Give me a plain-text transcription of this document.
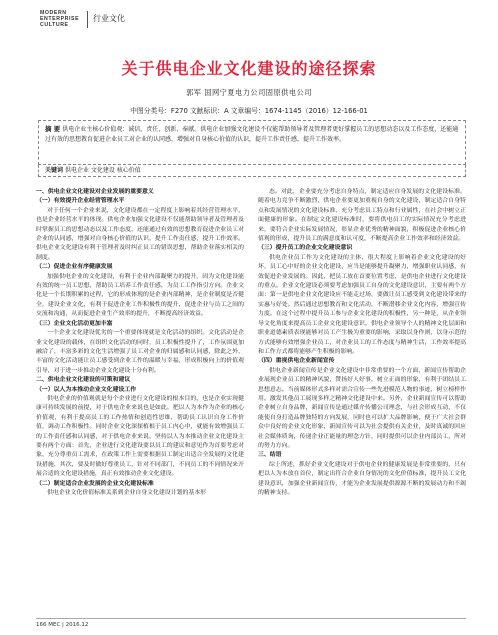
MODERN
ENTERPRISE
CULTURE
行业文化
关于供电企业文化建设的途径探索
郭军 国网宁夏电力公司固原供电公司
中图分类号：F270 文献标识：A 文章编号：1674-1145（2016）12-166-01
摘 要 供电企业主核心价值观：诚信、责任、创新、奉献。供电企业加强文化建设不仅能帮助领导者及管理者更好掌握员工的思想动态以及工作态度，还能通过有效的思想教育促进企业员工对企业的认同感，增强对自身核心价值的认识，提升工作责任感，提升工作效率。
关键词 供电企业 文化建设 核心价值
一、供电企业文化建设对企业发展的重要意义
（一）有效提升企业经营管理水平
对于任何一个企业来说，文化建设都在一定程度上影响着其经营管理水平，也是企业经营水平的体现。供电企业加强文化建设不仅能帮助领导者及管理者及时掌握员工的思想动态以及工作态度，还能通过有效的思想教育促进企业员工对企业的认同感，增强对自身核心价值的认识，提升工作责任感，提升工作效率。供电企业文化建设有利于管理者及时纠正员工的错误思想，帮助企业落实相关的制度。
（二）促进企业有序健康发展
加强供电企业的文化建设，有利于企业内部凝聚力的提升，因为文化建设能有效的统一员工思想，帮助员工培养工作责任感，为员工工作指引方向。企业文化是一个长期积累的过程，它的形成体现的是企业内部精神，是企业制度是否健全，建设企业文化，有利于促进企业工作积极性的提升，促进企业与员工之间的交流和沟通，从而促进企业生产效率的提升，不断提高经济效益。
（三）企业文化活动更加丰富
一个企业文化建设优劣的一个重要体现就是文化活动的组织。文化活动是企业文化建设的载体，在组织文化活动的同时，员工积极性提升了，工作氛围更加融洽了，丰富多彩的文化生活增强了员工对企业的归属感和认同感，除此之外，丰富的文化活动能让员工感受到企业工作的温暖与幸福，形成积极向上的价值观引导，对于进一步推动企业文化建设十分有利。
二、供电企业文化建设的可策和建议
（一）以人为本推动企业文化建设工作
供电企业的价值观就是每个企业进行文化建设的根本目的，也是企业实现健康可持续发展的前提，对于供电企业来说也是如此。把以人为本作为企业的核心价值观，有利于提高员工的工作热情和创造性思维，帮助员工认识自身工作价值，调动工作积极性。同时企业文化深探植根于员工内心中，就能有效增强员工的工作责任感和认同感，对于供电企业来说，坚持以人为本推动企业文化建设主要有两个方面：首先，企业进行文化建设要以员工的建议和意见作为首要考虑对象，充分尊重员工需求，在政策工作上需要根据员工制定出适合全发展的文化建设措施，其次，要及时做好尊重员工，针对不同部门，不同员工的不同情况来开展合适的文化建设措施，真正有效推动企业文化建设。
（二）制定适合企业发展的企业文化建设标准
供电企业文化价值标准关系到企业自身文化建设计划的基本形
态。对此，企业要充分考虑自身特点，制定适应自身发展的文化建设标准。随着电力竞争不断激烈，供电企业要更加重视自身的文化建设，制定适合自身特点和发展情况的文化建设标准，充分考虑员工特点和行业属性，在社会中树立正面健康的形象。在制定文化建设标准时，要将供电员工的实际情况充分考虑进来，要符合企业实际发展情况，彰显企业优秀的精神面貌，积极促进企业核心价值观的形成，提升员工的满意度和认可度，不断提高企业工作效率和经济效益。
（三）提升员工的企业文化建设意识
供电企业员工作为文化建设的主体，很大程度上影响着企业文化建设的好坏，员工心中好的企业文化建设，应当是能够提升凝聚力，增强职业认同感，有效促进企业发展的。因此，把员工放在首要位置考虑，是供电企业进行文化建设的重点。企业文化建设必须要考虑加强员工自身的文化建设意识，主要有两个方面：第一是供电企业文化建设应不能走过场，要做让员工感受到文化建设带来的实惠与好处。然后通过思想教育和文化活动，不断潜移企业文化内容，增强宣传力度。在这个过程中提升员工参与企业文化建设的积极性，另一种是，从企业领导文化角度来提高员工企业文化建设意识，供电企业领导个人的精神文化层面和职业道德素质表现能够对员工产生极为重要的影响，采取以身作则，以身示范的方式能够有效增强企业员工，对企业员工的工作态度与精神生活，工作效率提高和工作方式都将能够产生积极的影响。
（四）重视供电企业新闻宣传
供电企业新闻宣传是企业文化建设中非常重要的一个方面，新闻宣传帮助企业展现企业员工的精神风貌，赞扬好人好事，树立正面的形象，有利于团结员工思想意志。当前媒体形式多样对需合宣传一些先进模范人物的事迹，树立榜样作用。激发其他员工展现多样之精神文化建设中来。另外，企业新闻宣传可以帮助企业树立自身品牌，新闻宣传是通过媒介传播公司理念，与社会形成互动，不仅能使自身打造品牌独特的方向发展，同时也可以扩大品牌影响，便于广大社会群众中良好的企业文化形象，新闻宣传可以为社会提供有关企业，及时真诚的回应社会媒体质询，传递企业正能量的理念方针，同时提供可以企业内部员工，所对的努力方向。
三、结语
综上所述，抓好企业文化建设对于供电企业的健康发展是非常重要的，只有把以人为本放在首位，制定出符合企业自身情况的文化价值标准，提升员工文化建设意识，加强企业新闻宣传，才能为企业发展提供源源不断的发展动力和不竭的精神支持。
166 MEC | 2016.12
